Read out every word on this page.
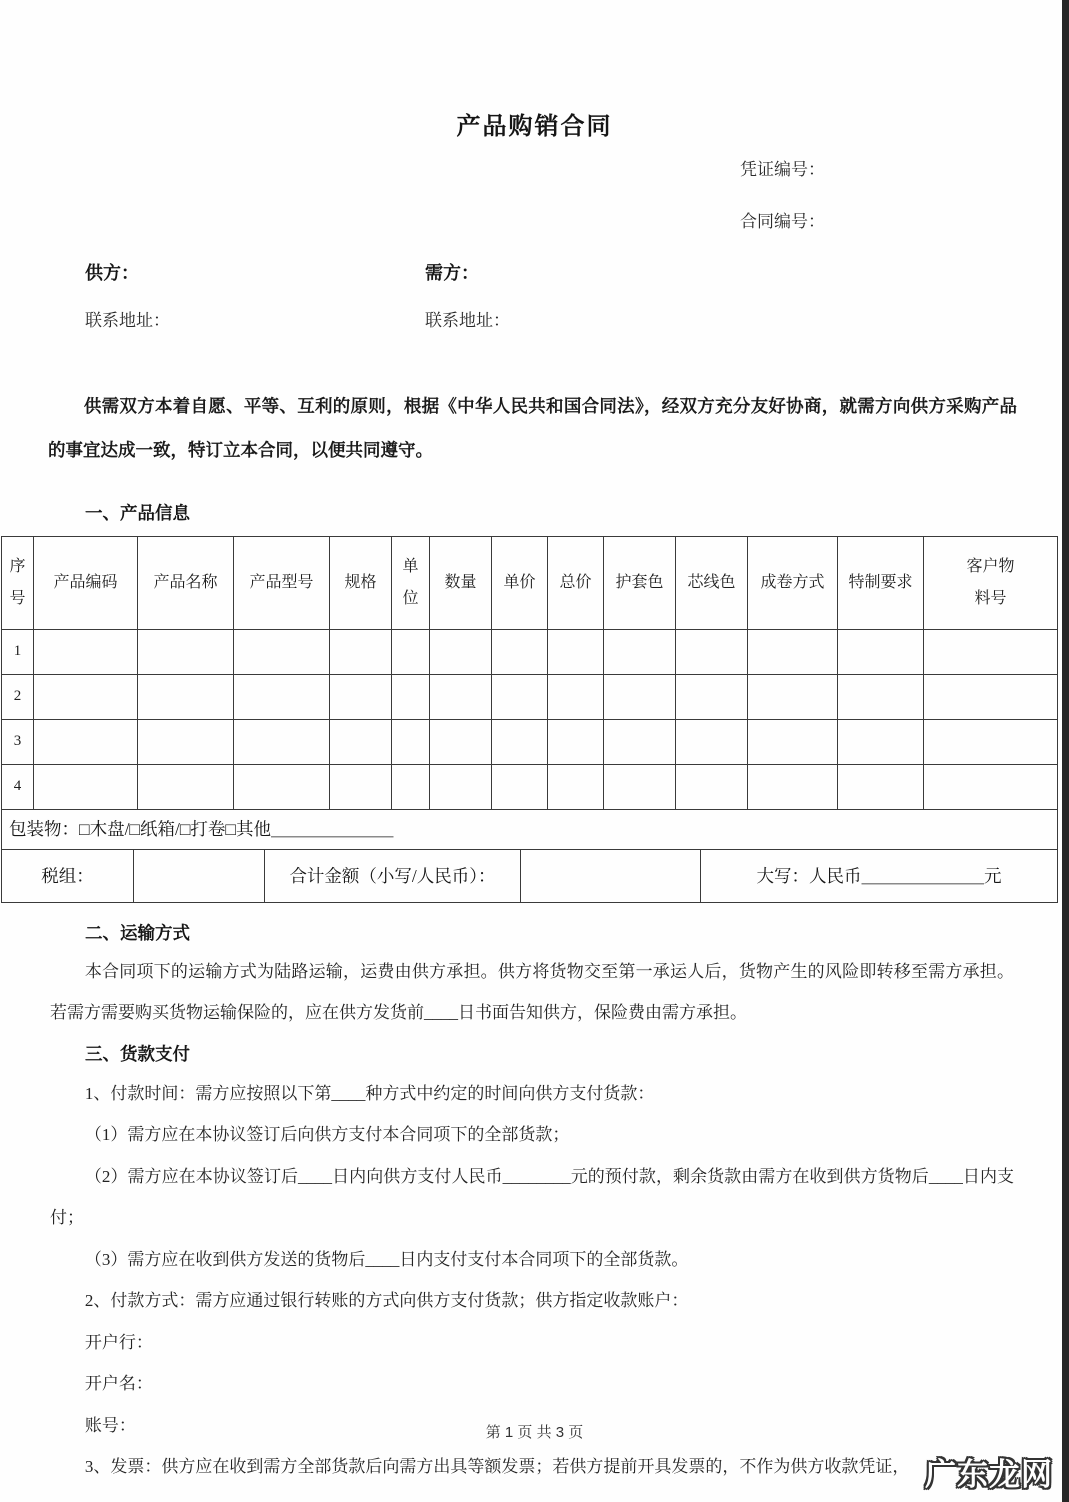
产品购销合同
凭证编号：
合同编号：
供方：	需方：
联系地址：	联系地址：

供需双方本着自愿、平等、互利的原则，根据《中华人民共和国合同法》，经双方充分友好协商，就需方向供方采购产品的事宜达成一致，特订立本合同，以便共同遵守。

一、产品信息
序号	产品编码	产品名称	产品型号	规格	单位	数量	单价	总价	护套色	芯线色	成卷方式	特制要求	客户物料号
1													
2													
3													
4													
包装物：□木盘/□纸箱/□打卷□其他＿＿＿＿＿＿＿
税组：		合计金额（小写/人民币）：		大写：人民币＿＿＿＿＿＿＿元
二、运输方式

本合同项下的运输方式为陆路运输，运费由供方承担。供方将货物交至第一承运人后，货物产生的风险即转移至需方承担。若需方需要购买货物运输保险的，应在供方发货前____日书面告知供方，保险费由需方承担。

三、货款支付

1、付款时间：需方应按照以下第____种方式中约定的时间向供方支付货款：

（1）需方应在本协议签订后向供方支付本合同项下的全部货款；

（2）需方应在本协议签订后____日内向供方支付人民币________元的预付款，剩余货款由需方在收到供方货物后____日内支付；

（3）需方应在收到供方发送的货物后____日内支付支付本合同项下的全部货款。

2、付款方式：需方应通过银行转账的方式向供方支付货款；供方指定收款账户：

开户行：

开户名：

账号：

3、发票：供方应在收到需方全部货款后向需方出具等额发票；若供方提前开具发票的，不作为供方收款凭证，

第 1 页 共 3 页
广东龙网
